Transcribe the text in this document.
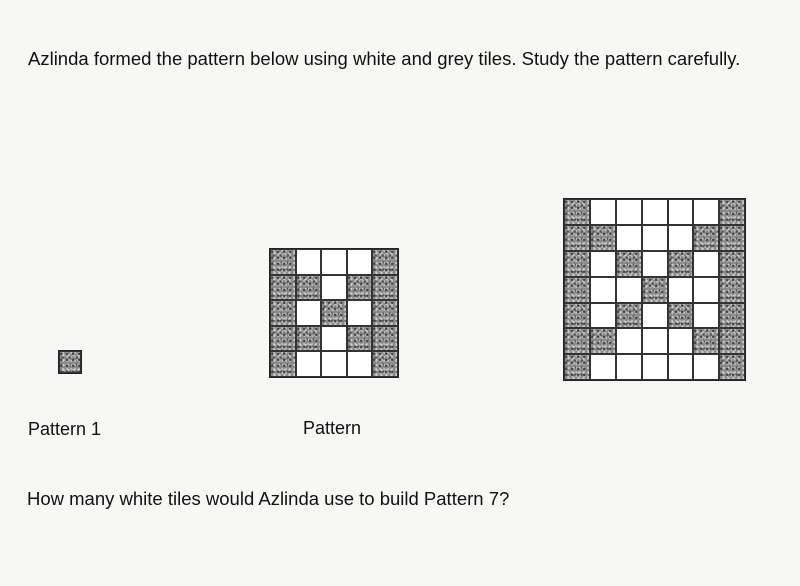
Azlinda formed the pattern below using white and grey tiles. Study the pattern carefully.
Pattern 1	Pattern
How many white tiles would Azlinda use to build Pattern 7?
